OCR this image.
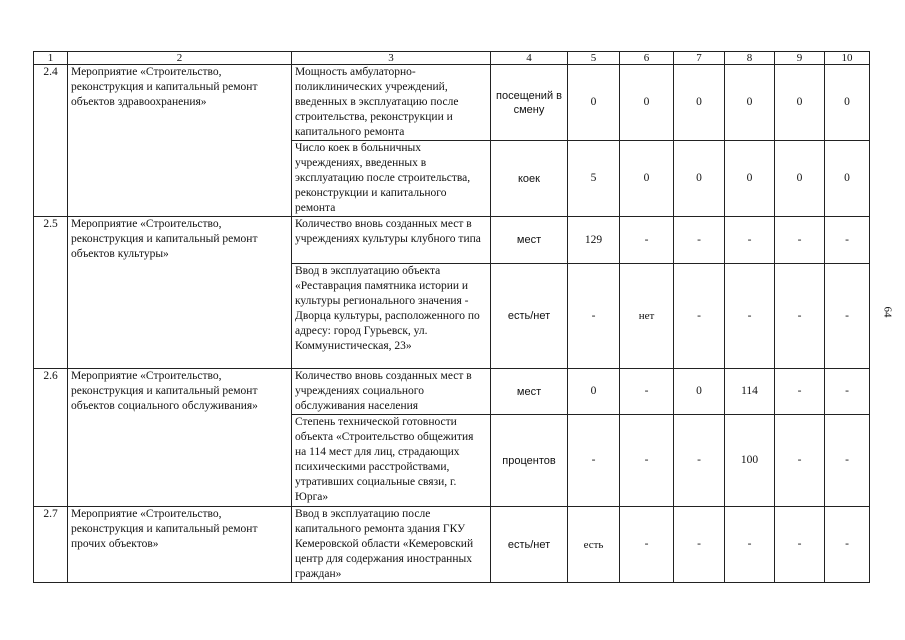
1	2	3	4	5	6	7	8	9	10
2.4	Мероприятие «Строительство, реконструкция и капитальный ремонт объектов здравоохранения»	Мощность амбулаторно-поликлинических учреждений, введенных в эксплуатацию после строительства, реконструкции и капитального ремонта	посещений в смену	0	0	0	0	0	0
		Число коек в больничных учреждениях, введенных в эксплуатацию после строительства, реконструкции и капитального ремонта	коек	5	0	0	0	0	0
2.5	Мероприятие «Строительство, реконструкция и капитальный ремонт объектов культуры»	Количество вновь созданных мест в учреждениях культуры клубного типа	мест	129	-	-	-	-	-
		Ввод в эксплуатацию объекта «Реставрация памятника истории и культуры регионального значения - Дворца культуры, расположенного по адресу: город Гурьевск, ул. Коммунистическая, 23»	есть/нет	-	нет	-	-	-	-
2.6	Мероприятие «Строительство, реконструкция и капитальный ремонт объектов социального обслуживания»	Количество вновь созданных мест в учреждениях социального обслуживания населения	мест	0	-	0	114	-	-
		Степень технической готовности объекта «Строительство общежития на 114 мест для лиц, страдающих психическими расстройствами, утративших социальные связи, г. Юрга»	процентов	-	-	-	100	-	-
2.7	Мероприятие «Строительство, реконструкция и капитальный ремонт прочих объектов»	Ввод в эксплуатацию после капитального ремонта здания ГКУ Кемеровской области «Кемеровский центр для содержания иностранных граждан»	есть/нет	есть	-	-	-	-	-
64
